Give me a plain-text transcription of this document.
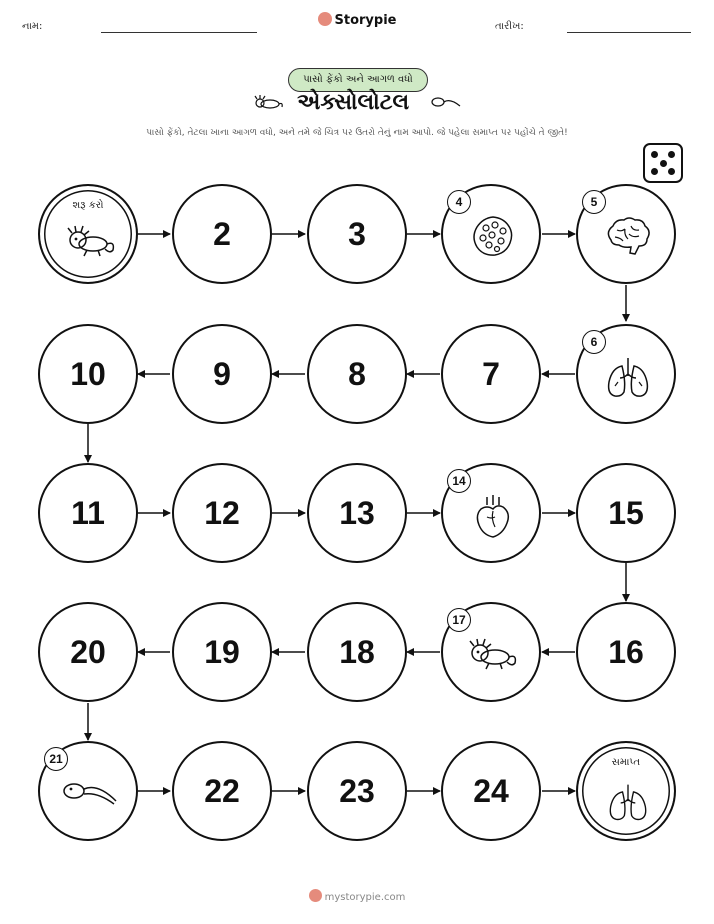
નામ:	Storypie	તારીખ:
પાસો ફેંકો અને આગળ વધો
એક્સોલોટલ
પાસો ફેંકો, તેટલા ખાના આગળ વધો, અને તમે જે ચિત્ર પર ઉતરો તેનું નામ આપો. જે પહેલા સમાપ્ત પર પહોંચે તે જીતે!
શરૂ કરો
2	3
4	5
10	9	8	7
6
11	12	13
14
15
20	19	18
17
16
21
22	23	24
સમાપ્ત
mystorypie.com
